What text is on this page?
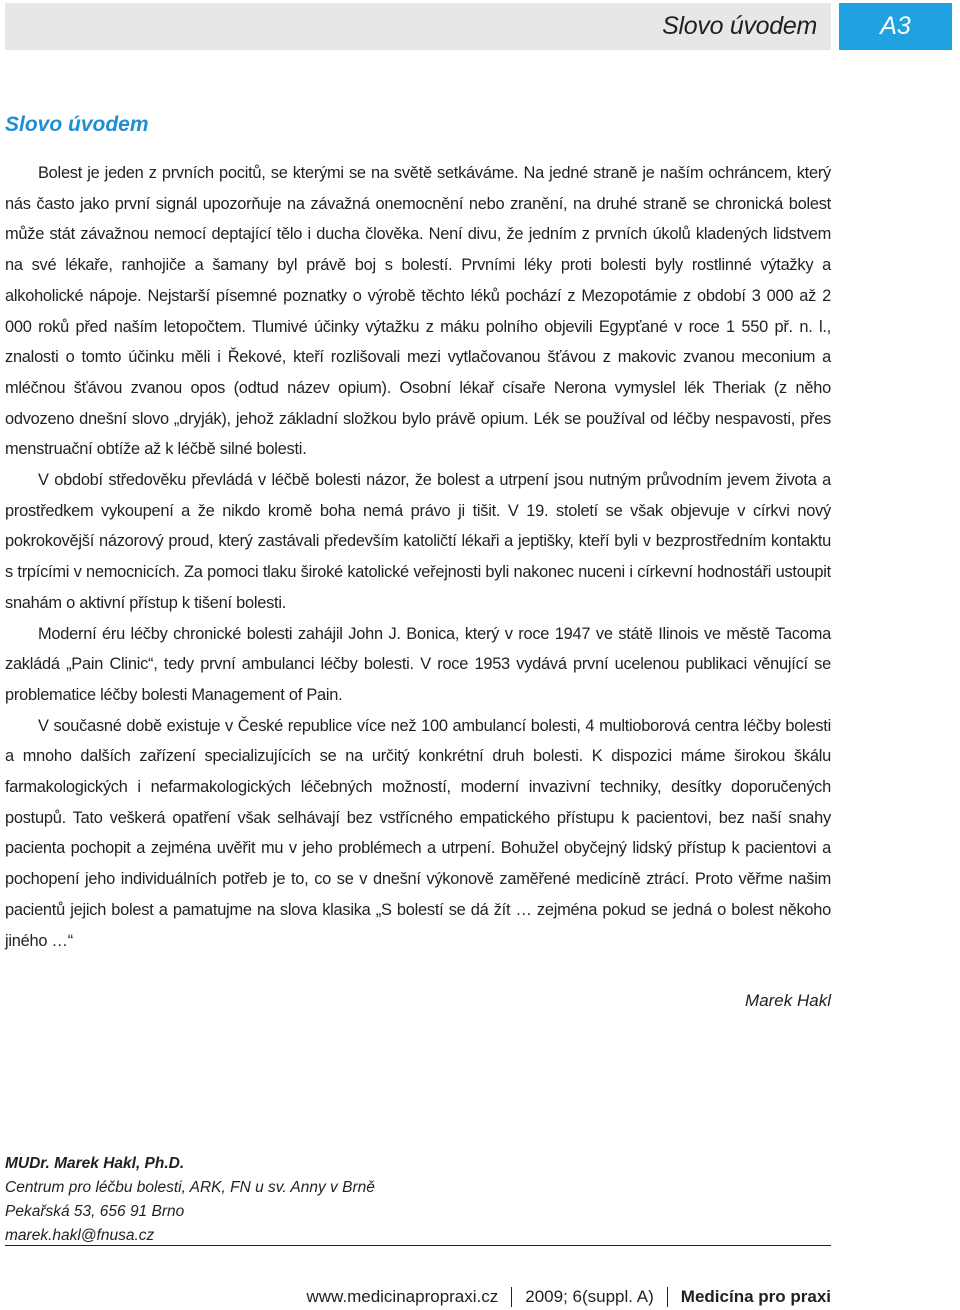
Slovo úvodem	A3
Slovo úvodem

Bolest je jeden z prvních pocitů, se kterými se na světě setkáváme. Na jedné straně je naším ochráncem, který nás často jako první signál upozorňuje na závažná onemocnění nebo zranění, na druhé straně se chronická bolest může stát závažnou nemocí deptající tělo i ducha člověka. Není divu, že jedním z prvních úkolů kladených lidstvem na své lékaře, ranhojiče a šamany byl právě boj s bolestí. Prvními léky proti bolesti byly rostlinné výtažky a alkoholické nápoje. Nejstarší písemné poznatky o výrobě těchto léků pochází z Mezopotámie z období 3 000 až 2 000 roků před naším letopočtem. Tlumivé účinky výtažku z máku polního objevili Egypťané v roce 1 550 př. n. l., znalosti o tomto účinku měli i Řekové, kteří rozlišovali mezi vytlačovanou šťávou z makovic zvanou meconium a mléčnou šťávou zvanou opos (odtud název opium). Osobní lékař císaře Nerona vymyslel lék Theriak (z něho odvozeno dnešní slovo „dryják), jehož základní složkou bylo právě opium. Lék se používal od léčby nespavosti, přes menstruační obtíže až k léčbě silné bolesti.

V období středověku převládá v léčbě bolesti názor, že bolest a utrpení jsou nutným průvodním jevem života a prostředkem vykoupení a že nikdo kromě boha nemá právo ji tišit. V 19. století se však objevuje v církvi nový pokrokovější názorový proud, který zastávali především katoličtí lékaři a jeptišky, kteří byli v bezprostředním kontaktu s trpícími v nemocnicích. Za pomoci tlaku široké katolické veřejnosti byli nakonec nuceni i církevní hodnostáři ustoupit snahám o aktivní přístup k tišení bolesti.

Moderní éru léčby chronické bolesti zahájil John J. Bonica, který v roce 1947 ve státě Ilinois ve městě Tacoma zakládá „Pain Clinic“, tedy první ambulanci léčby bolesti. V roce 1953 vydává první ucelenou publikaci věnující se problematice léčby bolesti Management of Pain.

V současné době existuje v České republice více než 100 ambulancí bolesti, 4 multioborová centra léčby bolesti a mnoho dalších zařízení specializujících se na určitý konkrétní druh bolesti. K dispozici máme širokou škálu farmakologických i nefarmakologických léčebných možností, moderní invazivní techniky, desítky doporučených postupů. Tato veškerá opatření však selhávají bez vstřícného empatického přístupu k pacientovi, bez naší snahy pacienta pochopit a zejména uvěřit mu v jeho problémech a utrpení. Bohužel obyčejný lidský přístup k pacientovi a pochopení jeho individuálních potřeb je to, co se v dnešní výkonově zaměřené medicíně ztrácí. Proto věřme našim pacientů jejich bolest a pamatujme na slova klasika „S bolestí se dá žít … zejména pokud se jedná o bolest někoho jiného …“

Marek Hakl

MUDr. Marek Hakl, Ph.D.
Centrum pro léčbu bolesti, ARK, FN u sv. Anny v Brně
Pekařská 53, 656 91 Brno
marek.hakl@fnusa.cz
www.medicinapropraxi.cz 2009; 6(suppl. A) Medicína pro praxi
